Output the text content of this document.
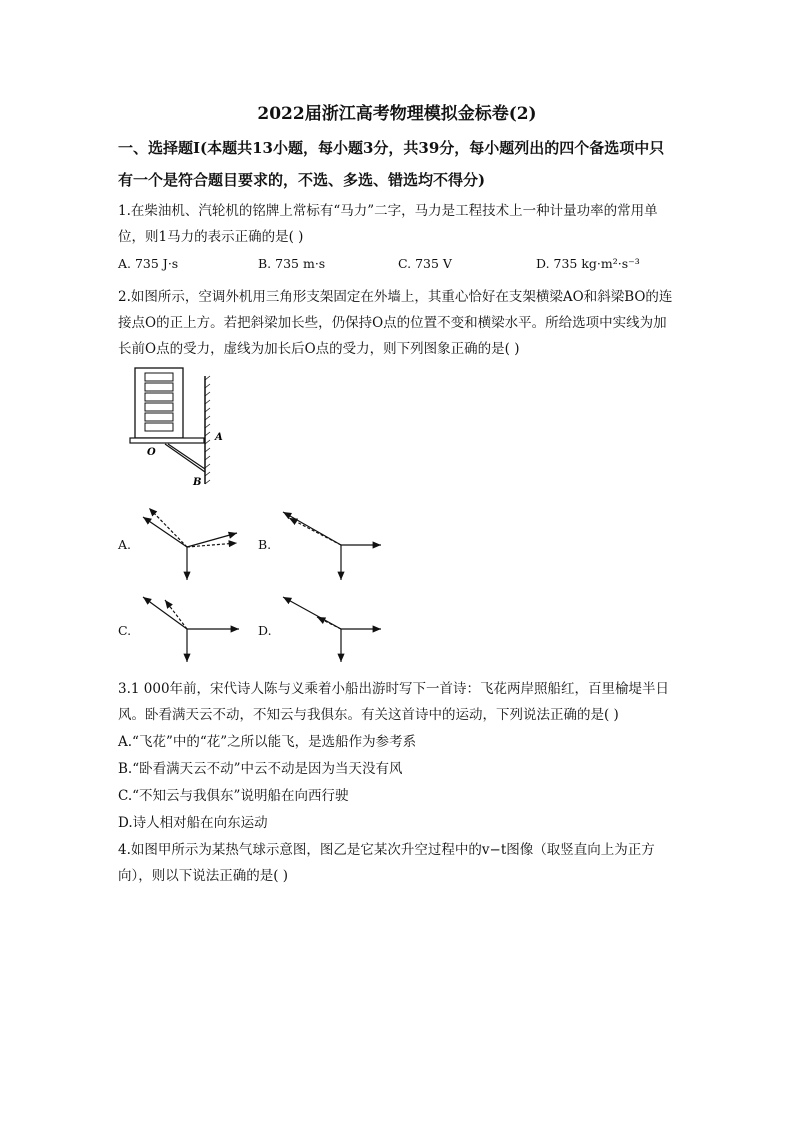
2022届浙江高考物理模拟金标卷(2)
一、选择题Ⅰ(本题共13小题，每小题3分，共39分，每小题列出的四个备选项中只有一个是符合题目要求的，不选、多选、错选均不得分)
1.在柴油机、汽轮机的铭牌上常标有“马力”二字，马力是工程技术上一种计量功率的常用单位，则1马力的表示正确的是( )
A. 735 J·s	B. 735 m·s	C. 735 V	D. 735 kg·m²·s⁻³
2.如图所示，空调外机用三角形支架固定在外墙上，其重心恰好在支架横梁AO和斜梁BO的连接点O的正上方。若把斜梁加长些，仍保持O点的位置不变和横梁水平。所给选项中实线为加长前O点的受力，虚线为加长后O点的受力，则下列图象正确的是( )
O
A
B
A.	B.
C.	D.
3.1 000年前，宋代诗人陈与义乘着小船出游时写下一首诗：飞花两岸照船红，百里榆堤半日风。卧看满天云不动，不知云与我俱东。有关这首诗中的运动，下列说法正确的是( )
A.“飞花”中的“花”之所以能飞，是选船作为参考系
B.“卧看满天云不动”中云不动是因为当天没有风
C.“不知云与我俱东”说明船在向西行驶
D.诗人相对船在向东运动
4.如图甲所示为某热气球示意图，图乙是它某次升空过程中的v−t图像（取竖直向上为正方向），则以下说法正确的是( )
